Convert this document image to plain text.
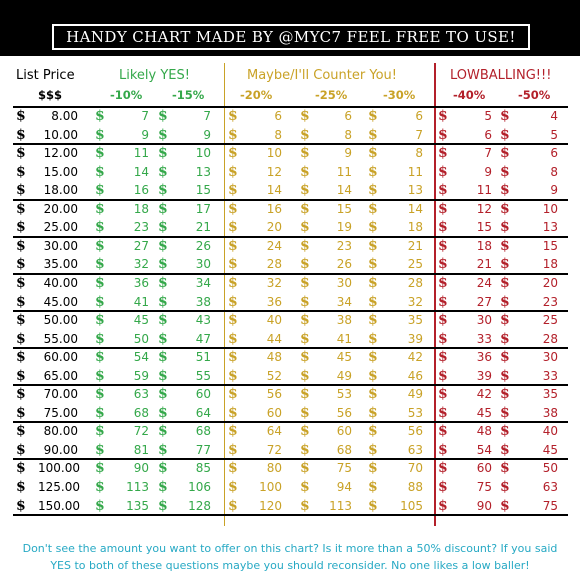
HANDY CHART MADE BY @MYC7 FEEL FREE TO USE!
List Price
$$$
Likely YES!	Maybe/I'll Counter You!	LOWBALLING!!!
-10%	-15%	-20%	-25%	-30%	-40%	-50%
$	8.00 $	7 $	7 $	6 $	6 $	6 $	5 $	4
$	10.00 $	9 $	9 $	8 $	8 $	7 $	6 $	5
$	12.00 $	11 $	10 $	10 $	9 $	8 $	7 $	6
$	15.00 $	14 $	13 $	12 $	11 $	11 $	9 $	8
$	18.00 $	16 $	15 $	14 $	14 $	13 $	11 $	9
$	20.00 $	18 $	17 $	16 $	15 $	14 $	12 $	10
$	25.00 $	23 $	21 $	20 $	19 $	18 $	15 $	13
$	30.00 $	27 $	26 $	24 $	23 $	21 $	18 $	15
$	35.00 $	32 $	30 $	28 $	26 $	25 $	21 $	18
$	40.00 $	36 $	34 $	32 $	30 $	28 $	24 $	20
$	45.00 $	41 $	38 $	36 $	34 $	32 $	27 $	23
$	50.00 $	45 $	43 $	40 $	38 $	35 $	30 $	25
$	55.00 $	50 $	47 $	44 $	41 $	39 $	33 $	28
$	60.00 $	54 $	51 $	48 $	45 $	42 $	36 $	30
$	65.00 $	59 $	55 $	52 $	49 $	46 $	39 $	33
$	70.00 $	63 $	60 $	56 $	53 $	49 $	42 $	35
$	75.00 $	68 $	64 $	60 $	56 $	53 $	45 $	38
$	80.00 $	72 $	68 $	64 $	60 $	56 $	48 $	40
$	90.00 $	81 $	77 $	72 $	68 $	63 $	54 $	45
$ 100.00 $	90 $	85 $	80 $	75 $	70 $	60 $	50
$ 125.00 $	113 $	106 $	100 $	94 $	88 $	75 $	63
$ 150.00 $	135 $	128 $	120 $	113 $	105 $	90 $	75
Don't see the amount you want to offer on this chart? Is it more than a 50% discount? If you said YES to both of these questions maybe you should reconsider. No one likes a low baller!
